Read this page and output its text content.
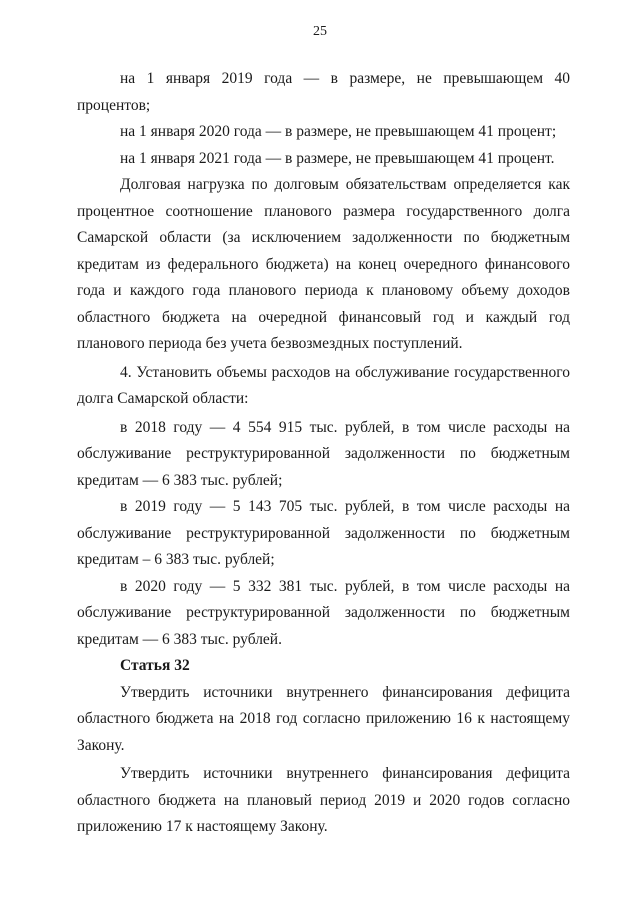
25

на 1 января 2019 года — в размере, не превышающем 40 процентов;

на 1 января 2020 года — в размере, не превышающем 41 процент;

на 1 января 2021 года — в размере, не превышающем 41 процент.

Долговая нагрузка по долговым обязательствам определяется как процентное соотношение планового размера государственного долга Самарской области (за исключением задолженности по бюджетным кредитам из федерального бюджета) на конец очередного финансового года и каждого года планового периода к плановому объему доходов областного бюджета на очередной финансовый год и каждый год планового периода без учета безвозмездных поступлений.

4. Установить объемы расходов на обслуживание государственного долга Самарской области:

в 2018 году — 4 554 915 тыс. рублей, в том числе расходы на обслуживание реструктурированной задолженности по бюджетным кредитам — 6 383 тыс. рублей;

в 2019 году — 5 143 705 тыс. рублей, в том числе расходы на обслуживание реструктурированной задолженности по бюджетным кредитам – 6 383 тыс. рублей;

в 2020 году — 5 332 381 тыс. рублей, в том числе расходы на обслуживание реструктурированной задолженности по бюджетным кредитам — 6 383 тыс. рублей.

Статья 32

Утвердить источники внутреннего финансирования дефицита областного бюджета на 2018 год согласно приложению 16 к настоящему Закону.

Утвердить источники внутреннего финансирования дефицита областного бюджета на плановый период 2019 и 2020 годов согласно приложению 17 к настоящему Закону.
